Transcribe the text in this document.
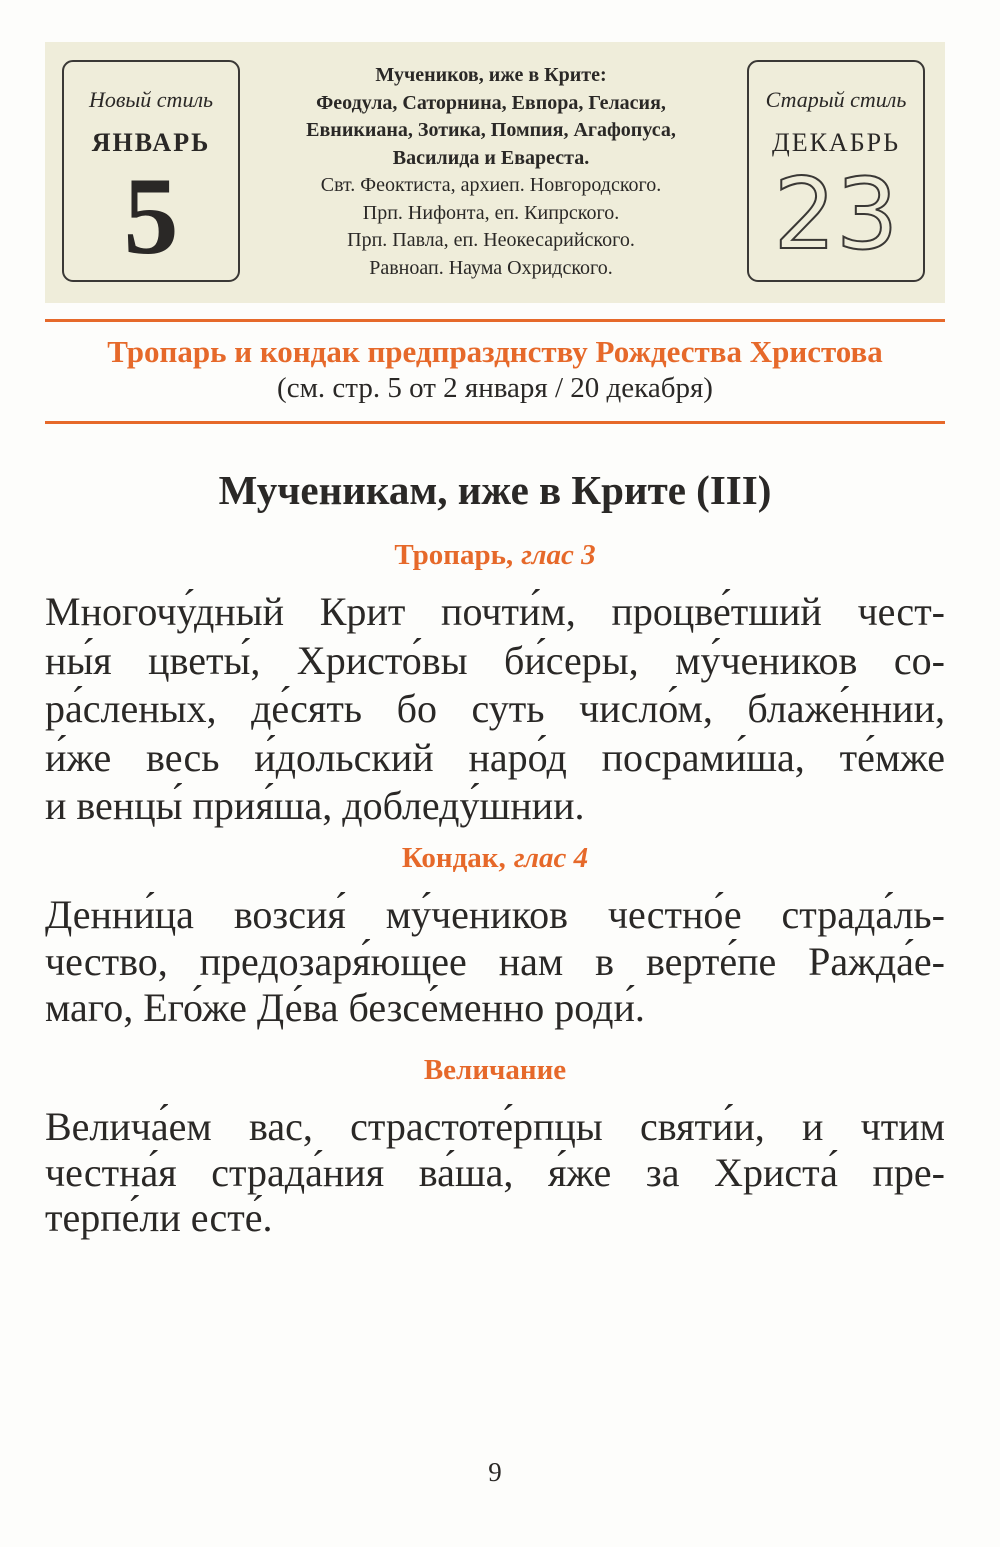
Новый стиль
ЯНВАРЬ
5
Мучеников, иже в Крите:
Феодула, Саторнина, Евпора, Геласия,
Евникиана, Зотика, Помпия, Агафопуса,
Василида и Евареста.
Свт. Феоктиста, архиеп. Новгородского.
Прп. Нифонта, еп. Кипрского.
Прп. Павла, еп. Неокесарийского.
Равноап. Наума Охридского.
Старый стиль
ДЕКАБРЬ
23
Тропарь и кондак предпразднству Рождества Христова
(см. стр. 5 от 2 января / 20 декабря)
Мученикам, иже в Крите (III)
Тропарь, глас 3
Многочу́дный Крит почти́м, процве́тший чест-
ны́я цветы́, Христо́вы би́серы, му́чеников со-
ра́сленых, де́сять бо суть число́м, блаже́ннии,
и́же весь и́дольский наро́д посрами́ша, те́мже
и венцы́ прия́ша, добледу́шнии.
Кондак, глас 4
Денни́ца возсия́ му́чеников честно́е страда́ль-
чество, предозаря́ющее нам в верте́пе Ражда́е-
маго, Его́же Де́ва безсе́менно роди́.
Величание
Велича́ем вас, страстоте́рпцы святи́и, и чтим
честна́я страда́ния ва́ша, я́же за Христа́ пре-
терпе́ли есте́.
9
